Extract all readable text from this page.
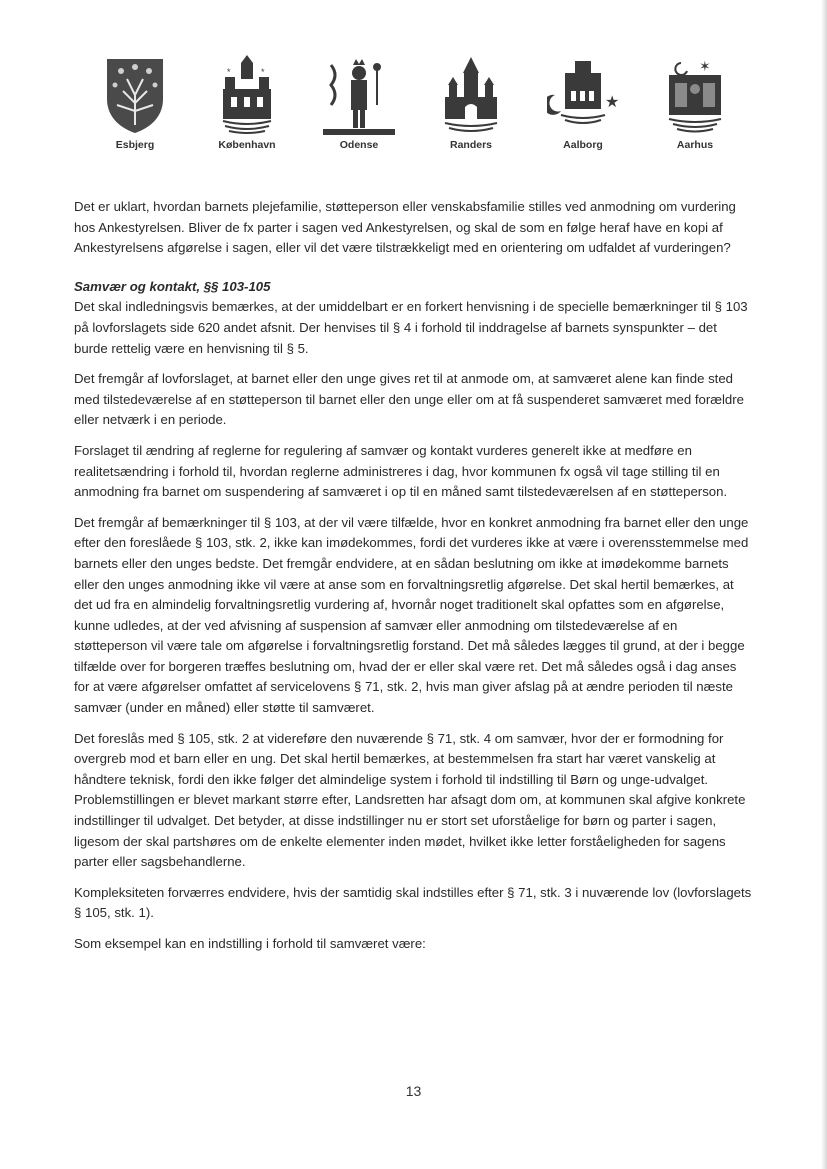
Esbjerg
*	*
København	Odense	Randers
★
Aalborg
✶
Aarhus

Det er uklart, hvordan barnets plejefamilie, støtteperson eller venskabsfamilie stilles ved anmodning om vurdering hos Ankestyrelsen. Bliver de fx parter i sagen ved Ankestyrelsen, og skal de som en følge heraf have en kopi af Ankestyrelsens afgørelse i sagen, eller vil det være tilstrækkeligt med en orientering om udfaldet af vurderingen?

Samvær og kontakt, §§ 103-105

Det skal indledningsvis bemærkes, at der umiddelbart er en forkert henvisning i de specielle bemærkninger til § 103 på lovforslagets side 620 andet afsnit. Der henvises til § 4 i forhold til inddragelse af barnets synspunkter – det burde rettelig være en henvisning til § 5.

Det fremgår af lovforslaget, at barnet eller den unge gives ret til at anmode om, at samværet alene kan finde sted med tilstedeværelse af en støtteperson til barnet eller den unge eller om at få suspenderet samværet med forældre eller netværk i en periode.

Forslaget til ændring af reglerne for regulering af samvær og kontakt vurderes generelt ikke at medføre en realitetsændring i forhold til, hvordan reglerne administreres i dag, hvor kommunen fx også vil tage stilling til en anmodning fra barnet om suspendering af samværet i op til en måned samt tilstedeværelsen af en støtteperson.

Det fremgår af bemærkninger til § 103, at der vil være tilfælde, hvor en konkret anmodning fra barnet eller den unge efter den foreslåede § 103, stk. 2, ikke kan imødekommes, fordi det vurderes ikke at være i overensstemmelse med barnets eller den unges bedste. Det fremgår endvidere, at en sådan beslutning om ikke at imødekomme barnets eller den unges anmodning ikke vil være at anse som en forvaltningsretlig afgørelse. Det skal hertil bemærkes, at det ud fra en almindelig forvaltningsretlig vurdering af, hvornår noget traditionelt skal opfattes som en afgørelse, kunne udledes, at der ved afvisning af suspension af samvær eller anmodning om tilstedeværelse af en støtteperson vil være tale om afgørelse i forvaltningsretlig forstand. Det må således lægges til grund, at der i begge tilfælde over for borgeren træffes beslutning om, hvad der er eller skal være ret. Det må således også i dag anses for at være afgørelser omfattet af servicelovens § 71, stk. 2, hvis man giver afslag på at ændre perioden til næste samvær (under en måned) eller støtte til samværet.

Det foreslås med § 105, stk. 2 at videreføre den nuværende § 71, stk. 4 om samvær, hvor der er formodning for overgreb mod et barn eller en ung. Det skal hertil bemærkes, at bestemmelsen fra start har været vanskelig at håndtere teknisk, fordi den ikke følger det almindelige system i forhold til indstilling til Børn og unge-udvalget. Problemstillingen er blevet markant større efter, Landsretten har afsagt dom om, at kommunen skal afgive konkrete indstillinger til udvalget. Det betyder, at disse indstillinger nu er stort set uforståelige for børn og parter i sagen, ligesom der skal partshøres om de enkelte elementer inden mødet, hvilket ikke letter forståeligheden for sagens parter eller sagsbehandlerne.

Kompleksiteten forværres endvidere, hvis der samtidig skal indstilles efter § 71, stk. 3 i nuværende lov (lovforslagets § 105, stk. 1).

Som eksempel kan en indstilling i forhold til samværet være:

13
